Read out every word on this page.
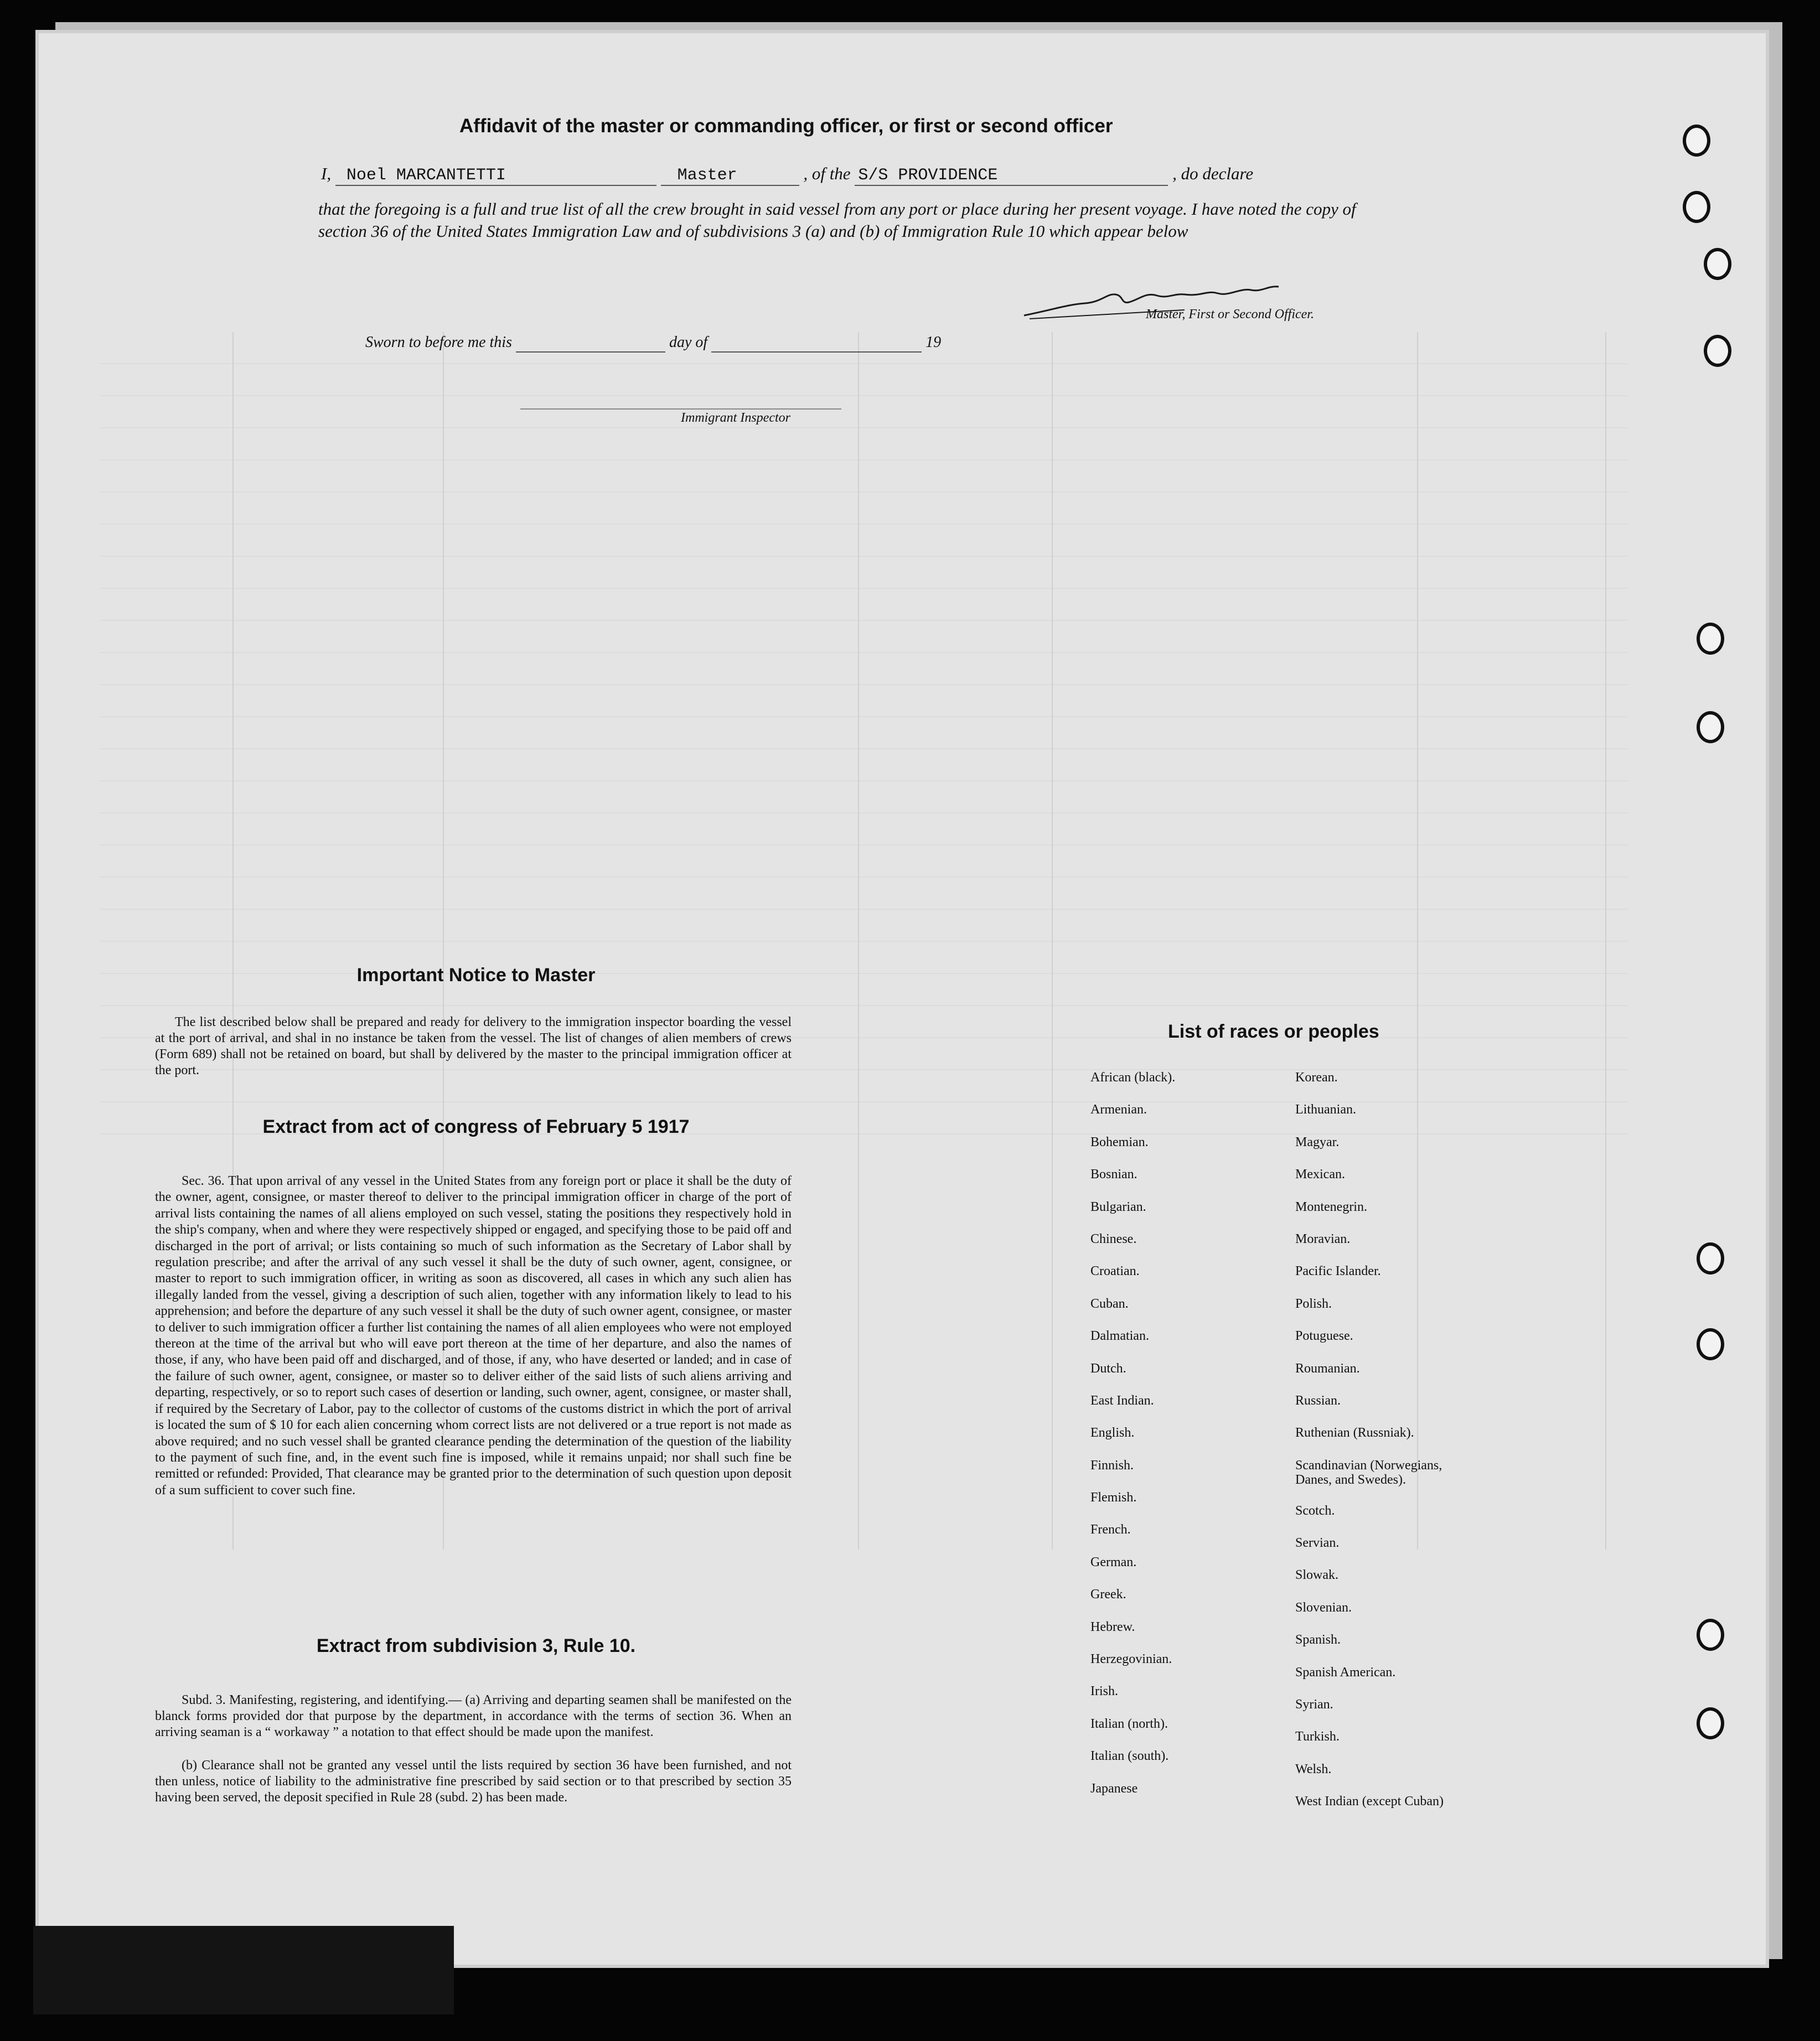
Affidavit of the master or commanding officer, or first or second officer
I, Noel MARCANTETTI	Master	, of the S/S PROVIDENCE	, do declare
that the foregoing is a full and true list of all the crew brought in said vessel from any port or place during her present voyage. I have noted the copy of section 36 of the United States Immigration Law and of subdivisions 3 (a) and (b) of Immigration Rule 10 which appear below
Master, First or Second Officer.
Sworn to before me this	day of	19
Immigrant Inspector
Important Notice to Master
The list described below shall be prepared and ready for delivery to the immigration inspector boarding the vessel at the port of arrival, and shal in no instance be taken from the vessel. The list of changes of alien members of crews (Form 689) shall not be retained on board, but shall by delivered by the master to the principal immigration officer at the port.
Extract from act of congress of February 5 1917
Sec. 36. That upon arrival of any vessel in the United States from any foreign port or place it shall be the duty of the owner, agent, consignee, or master thereof to deliver to the principal immigration officer in charge of the port of arrival lists containing the names of all aliens employed on such vessel, stating the positions they respectively hold in the ship's company, when and where they were respectively shipped or engaged, and specifying those to be paid off and discharged in the port of arrival; or lists containing so much of such information as the Secretary of Labor shall by regulation prescribe; and after the arrival of any such vessel it shall be the duty of such owner, agent, consignee, or master to report to such immigration officer, in writing as soon as discovered, all cases in which any such alien has illegally landed from the vessel, giving a description of such alien, together with any information likely to lead to his apprehension; and before the departure of any such vessel it shall be the duty of such owner agent, consignee, or master to deliver to such immigration officer a further list containing the names of all alien employees who were not employed thereon at the time of the arrival but who will eave port thereon at the time of her departure, and also the names of those, if any, who have been paid off and discharged, and of those, if any, who have deserted or landed; and in case of the failure of such owner, agent, consignee, or master so to deliver either of the said lists of such aliens arriving and departing, respectively, or so to report such cases of desertion or landing, such owner, agent, consignee, or master shall, if required by the Secretary of Labor, pay to the collector of customs of the customs district in which the port of arrival is located the sum of $ 10 for each alien concerning whom correct lists are not delivered or a true report is not made as above required; and no such vessel shall be granted clearance pending the determination of the question of the liability to the payment of such fine, and, in the event such fine is imposed, while it remains unpaid; nor shall such fine be remitted or refunded: Provided, That clearance may be granted prior to the determination of such question upon deposit of a sum sufficient to cover such fine.
Extract from subdivision 3, Rule 10.
Subd. 3. Manifesting, registering, and identifying.— (a) Arriving and departing seamen shall be manifested on the blanck forms provided dor that purpose by the department, in accordance with the terms of section 36. When an arriving seaman is a “ workaway ” a notation to that effect should be made upon the manifest.
(b) Clearance shall not be granted any vessel until the lists required by section 36 have been furnished, and not then unless, notice of liability to the administrative fine prescribed by said section or to that prescribed by section 35 having been served, the deposit specified in Rule 28 (subd. 2) has been made.
List of races or peoples
African (black).
Armenian.
Bohemian.
Bosnian.
Bulgarian.
Chinese.
Croatian.
Cuban.
Dalmatian.
Dutch.
East Indian.
English.
Finnish.
Flemish.
French.
German.
Greek.
Hebrew.
Herzegovinian.
Irish.
Italian (north).
Italian (south).
Japanese
Korean.
Lithuanian.
Magyar.
Mexican.
Montenegrin.
Moravian.
Pacific Islander.
Polish.
Potuguese.
Roumanian.
Russian.
Ruthenian (Russniak).
Scandinavian (Norwegians, Danes, and Swedes).
Scotch.
Servian.
Slowak.
Slovenian.
Spanish.
Spanish American.
Syrian.
Turkish.
Welsh.
West Indian (except Cuban)
